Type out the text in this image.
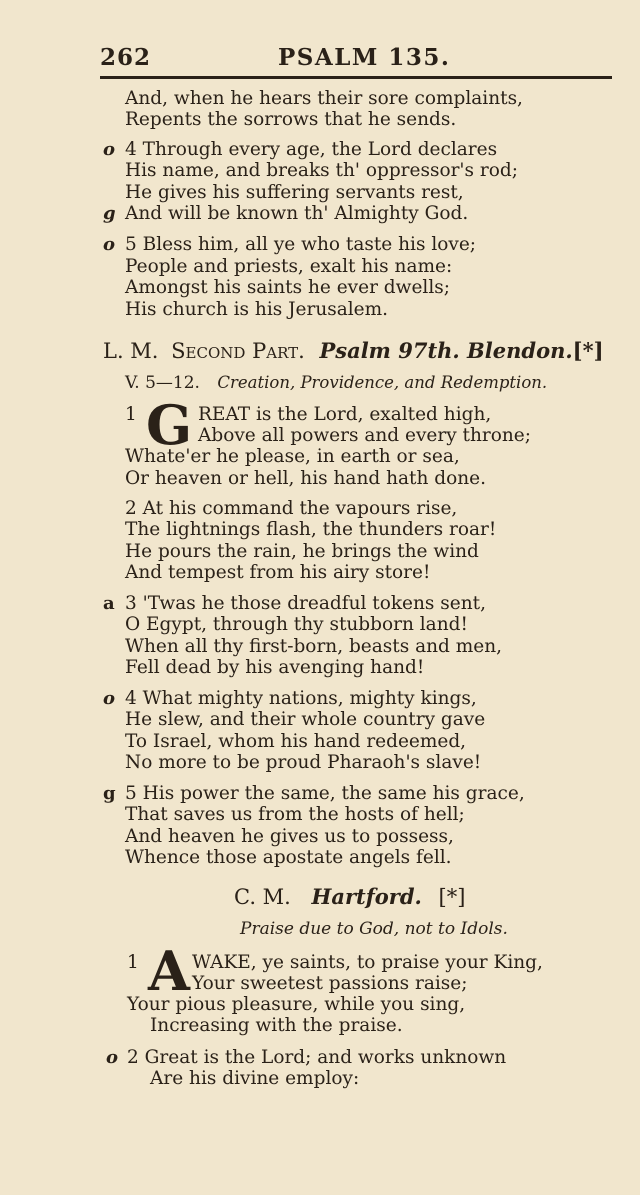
262	PSALM 135.
And, when he hears their sore complaints,
Repents the sorrows that he sends.
o 4 Through every age, the Lord declares
His name, and breaks th' oppressor's rod;
He gives his suffering servants rest,
g And will be known th' Almighty God.
o 5 Bless him, all ye who taste his love;
People and priests, exalt his name:
Amongst his saints he ever dwells;
His church is his Jerusalem.
L. M. Second Part. Psalm 97th. Blendon.[*]
V. 5—12. Creation, Providence, and Redemption.
1 G REAT is the Lord, exalted high,
Above all powers and every throne;
Whate'er he please, in earth or sea,
Or heaven or hell, his hand hath done.
2 At his command the vapours rise,
The lightnings flash, the thunders roar!
He pours the rain, he brings the wind
And tempest from his airy store!
a 3 'Twas he those dreadful tokens sent,
O Egypt, through thy stubborn land!
When all thy first-born, beasts and men,
Fell dead by his avenging hand!
o 4 What mighty nations, mighty kings,
He slew, and their whole country gave
To Israel, whom his hand redeemed,
No more to be proud Pharaoh's slave!
g 5 His power the same, the same his grace,
That saves us from the hosts of hell;
And heaven he gives us to possess,
Whence those apostate angels fell.
C. M. Hartford. [*]
Praise due to God, not to Idols.
1 A WAKE, ye saints, to praise your King,
Your sweetest passions raise;
Your pious pleasure, while you sing,
Increasing with the praise.
o 2 Great is the Lord; and works unknown
Are his divine employ:
